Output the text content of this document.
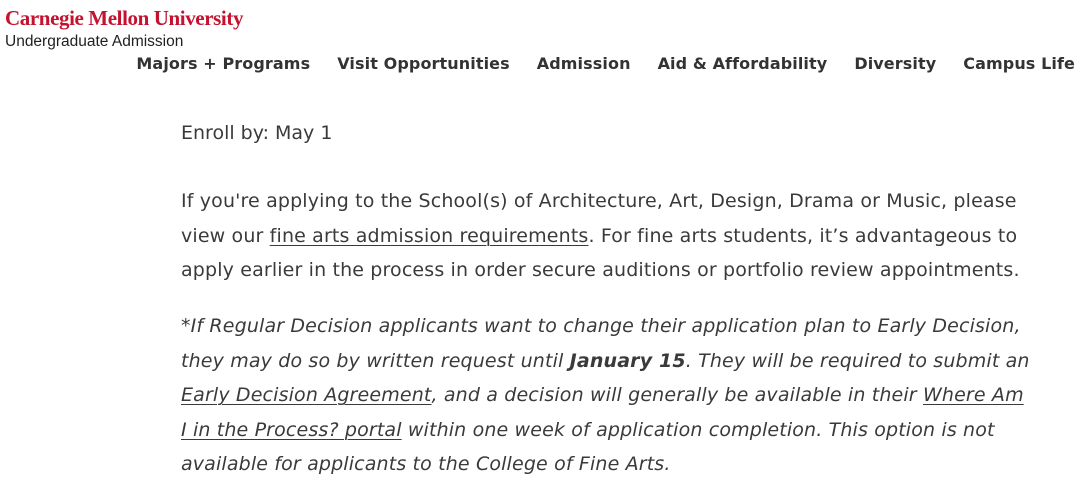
Carnegie Mellon University
Undergraduate Admission
Majors + Programs Visit Opportunities Admission Aid & Affordability Diversity Campus Life
Enroll by: May 1

If you're applying to the School(s) of Architecture, Art, Design, Drama or Music, please
view our fine arts admission requirements. For fine arts students, it’s advantageous to
apply earlier in the process in order secure auditions or portfolio review appointments.

*If Regular Decision applicants want to change their application plan to Early Decision,
they may do so by written request until January 15. They will be required to submit an
Early Decision Agreement, and a decision will generally be available in their Where Am
I in the Process? portal within one week of application completion. This option is not
available for applicants to the College of Fine Arts.
